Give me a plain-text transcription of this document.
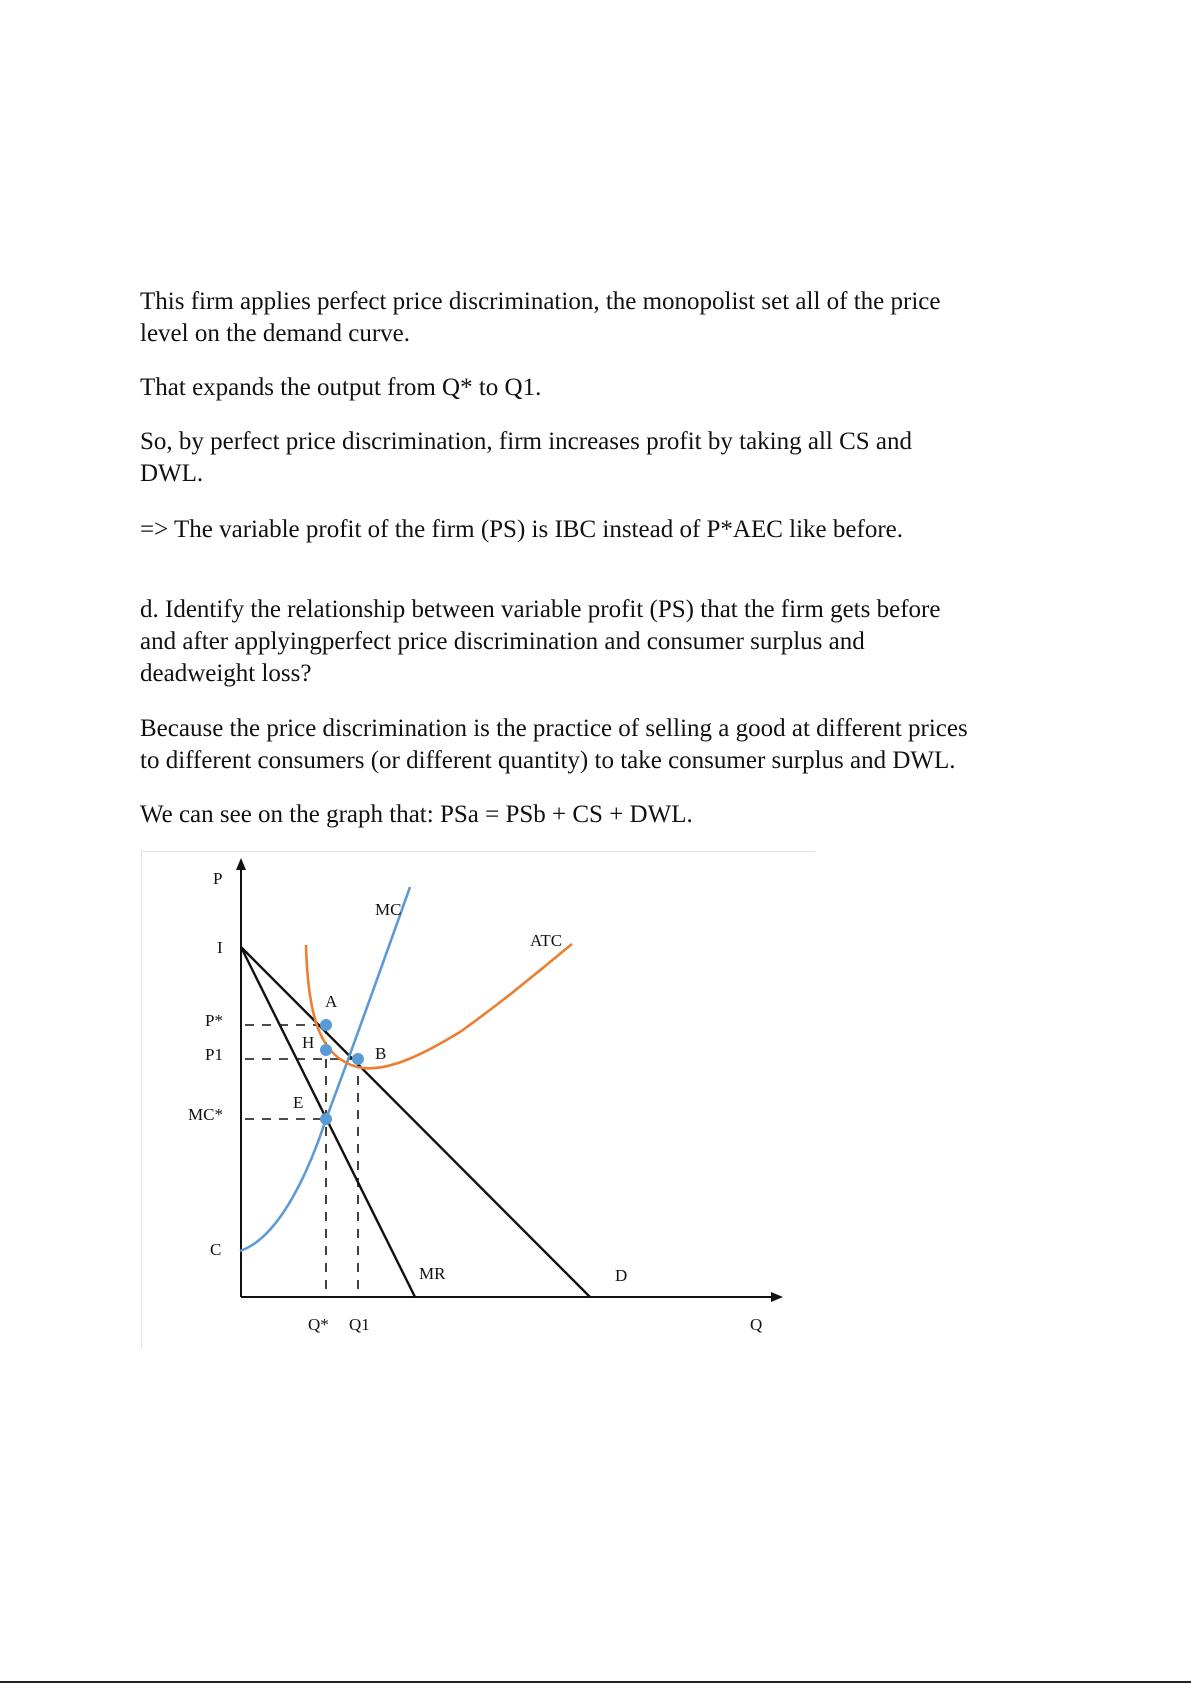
This firm applies perfect price discrimination, the monopolist set all of the price
level on the demand curve.

That expands the output from Q* to Q1.

So, by perfect price discrimination, firm increases profit by taking all CS and
DWL.

=> The variable profit of the firm (PS) is IBC instead of P*AEC like before.

d. Identify the relationship between variable profit (PS) that the firm gets before
and after applyingperfect price discrimination and consumer surplus and
deadweight loss?

Because the price discrimination is the practice of selling a good at different prices
to different consumers (or different quantity) to take consumer surplus and DWL.

We can see on the graph that: PSa = PSb + CS + DWL.

P
I
P*
P1
MC*
C
Q* Q1	Q
MC
ATC
MR	D
A
H
B
E
